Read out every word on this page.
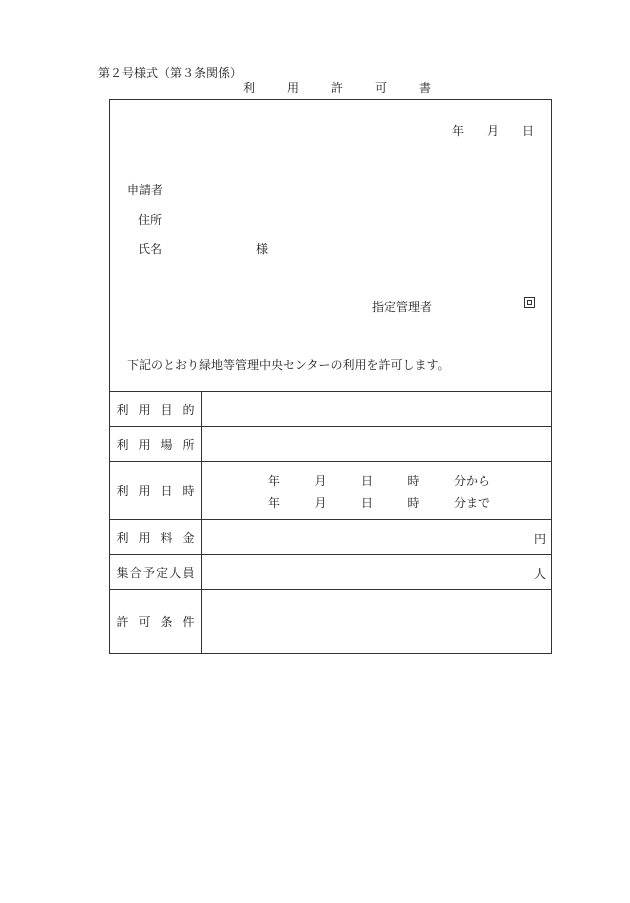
第２号様式（第３条関係）
利	用	許	可	書
年 月 日
申請者
住所
氏名	様
指定管理者
下記のとおり緑地等管理中央センターの利用を許可します。
利 用 目 的
利 用 場 所
利 用 日 時
年	月	日	時	分から
年	月	日	時	分まで
利 用 料 金	円
集 合 予 定 人 員	人
許 可 条 件
